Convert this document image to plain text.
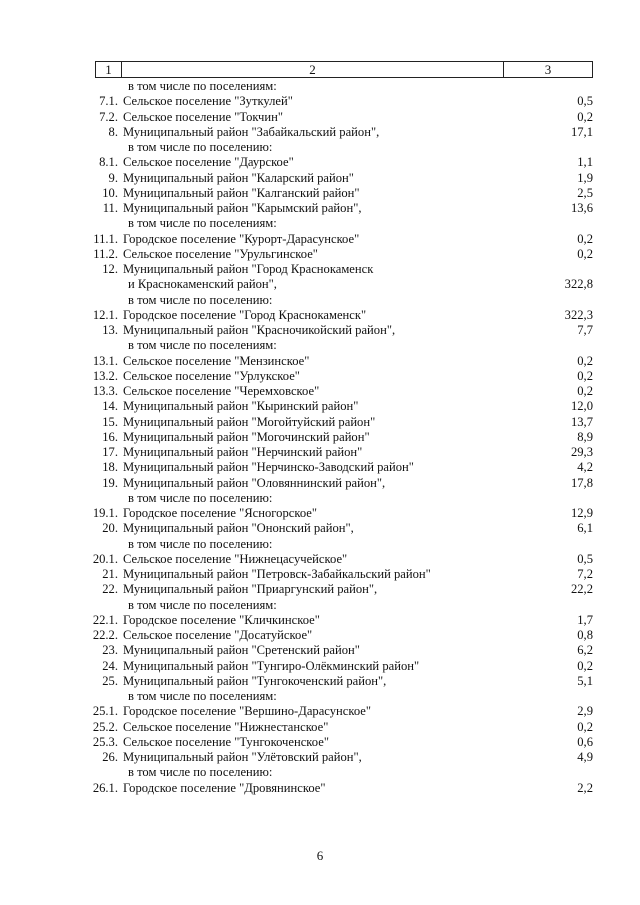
1	2	3
в том числе по поселениям:
7.1. Сельское поселение "Зуткулей"	0,5
7.2. Сельское поселение "Токчин"	0,2
8. Муниципальный район "Забайкальский район",	17,1
в том числе по поселению:
8.1. Сельское поселение "Даурское"	1,1
9. Муниципальный район "Каларский район"	1,9
10. Муниципальный район "Калганский район"	2,5
11. Муниципальный район "Карымский район",	13,6
в том числе по поселениям:
11.1. Городское поселение "Курорт-Дарасунское"	0,2
11.2. Сельское поселение "Урульгинское"	0,2
12. Муниципальный район "Город Краснокаменск
и Краснокаменский район",	322,8
в том числе по поселению:
12.1. Городское поселение "Город Краснокаменск"	322,3
13. Муниципальный район "Красночикойский район",	7,7
в том числе по поселениям:
13.1. Сельское поселение "Мензинское"	0,2
13.2. Сельское поселение "Урлукское"	0,2
13.3. Сельское поселение "Черемховское"	0,2
14. Муниципальный район "Кыринский район"	12,0
15. Муниципальный район "Могойтуйский район"	13,7
16. Муниципальный район "Могочинский район"	8,9
17. Муниципальный район "Нерчинский район"	29,3
18. Муниципальный район "Нерчинско-Заводский район"	4,2
19. Муниципальный район "Оловяннинский район",	17,8
в том числе по поселению:
19.1. Городское поселение "Ясногорское"	12,9
20. Муниципальный район "Ононский район",	6,1
в том числе по поселению:
20.1. Сельское поселение "Нижнецасучейское"	0,5
21. Муниципальный район "Петровск-Забайкальский район"	7,2
22. Муниципальный район "Приаргунский район",	22,2
в том числе по поселениям:
22.1. Городское поселение "Кличкинское"	1,7
22.2. Сельское поселение "Досатуйское"	0,8
23. Муниципальный район "Сретенский район"	6,2
24. Муниципальный район "Тунгиро-Олёкминский район"	0,2
25. Муниципальный район "Тунгокоченский район",	5,1
в том числе по поселениям:
25.1. Городское поселение "Вершино-Дарасунское"	2,9
25.2. Сельское поселение "Нижнестанское"	0,2
25.3. Сельское поселение "Тунгокоченское"	0,6
26. Муниципальный район "Улётовский район",	4,9
в том числе по поселению:
26.1. Городское поселение "Дровянинское"	2,2
6
